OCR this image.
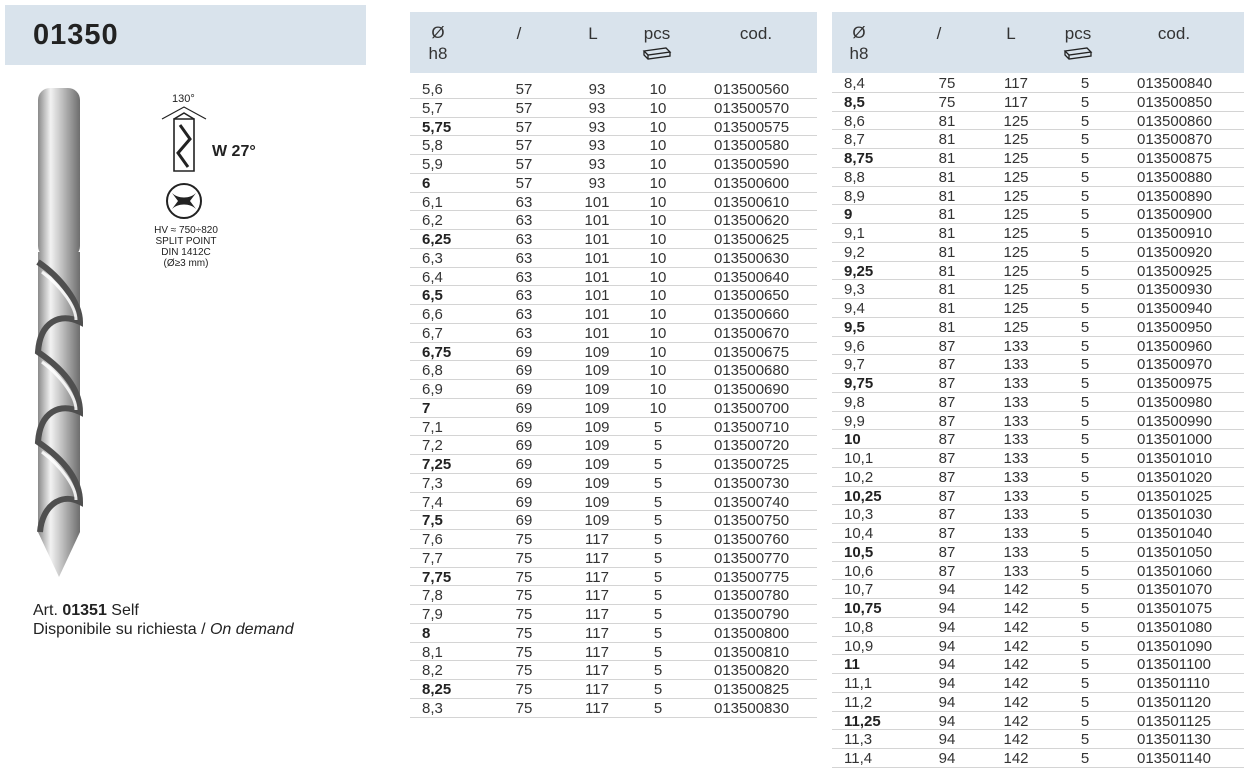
01350
130°
W 27°
HV ≈ 750÷820
SPLIT POINT
DIN 1412C
(Ø≥3 mm)
Art. 01351 Self
Disponibile su richiesta / On demand
Ø
h8
/	L	pcs	cod.
5,6	57	93	10	013500560
5,7	57	93	10	013500570
5,75	57	93	10	013500575
5,8	57	93	10	013500580
5,9	57	93	10	013500590
6	57	93	10	013500600
6,1	63	101	10	013500610
6,2	63	101	10	013500620
6,25	63	101	10	013500625
6,3	63	101	10	013500630
6,4	63	101	10	013500640
6,5	63	101	10	013500650
6,6	63	101	10	013500660
6,7	63	101	10	013500670
6,75	69	109	10	013500675
6,8	69	109	10	013500680
6,9	69	109	10	013500690
7	69	109	10	013500700
7,1	69	109	5	013500710
7,2	69	109	5	013500720
7,25	69	109	5	013500725
7,3	69	109	5	013500730
7,4	69	109	5	013500740
7,5	69	109	5	013500750
7,6	75	117	5	013500760
7,7	75	117	5	013500770
7,75	75	117	5	013500775
7,8	75	117	5	013500780
7,9	75	117	5	013500790
8	75	117	5	013500800
8,1	75	117	5	013500810
8,2	75	117	5	013500820
8,25	75	117	5	013500825
8,3	75	117	5	013500830
Ø
h8
/	L	pcs	cod.
8,4	75	117	5	013500840
8,5	75	117	5	013500850
8,6	81	125	5	013500860
8,7	81	125	5	013500870
8,75	81	125	5	013500875
8,8	81	125	5	013500880
8,9	81	125	5	013500890
9	81	125	5	013500900
9,1	81	125	5	013500910
9,2	81	125	5	013500920
9,25	81	125	5	013500925
9,3	81	125	5	013500930
9,4	81	125	5	013500940
9,5	81	125	5	013500950
9,6	87	133	5	013500960
9,7	87	133	5	013500970
9,75	87	133	5	013500975
9,8	87	133	5	013500980
9,9	87	133	5	013500990
10	87	133	5	013501000
10,1	87	133	5	013501010
10,2	87	133	5	013501020
10,25	87	133	5	013501025
10,3	87	133	5	013501030
10,4	87	133	5	013501040
10,5	87	133	5	013501050
10,6	87	133	5	013501060
10,7	94	142	5	013501070
10,75	94	142	5	013501075
10,8	94	142	5	013501080
10,9	94	142	5	013501090
11	94	142	5	013501100
11,1	94	142	5	013501110
11,2	94	142	5	013501120
11,25	94	142	5	013501125
11,3	94	142	5	013501130
11,4	94	142	5	013501140
